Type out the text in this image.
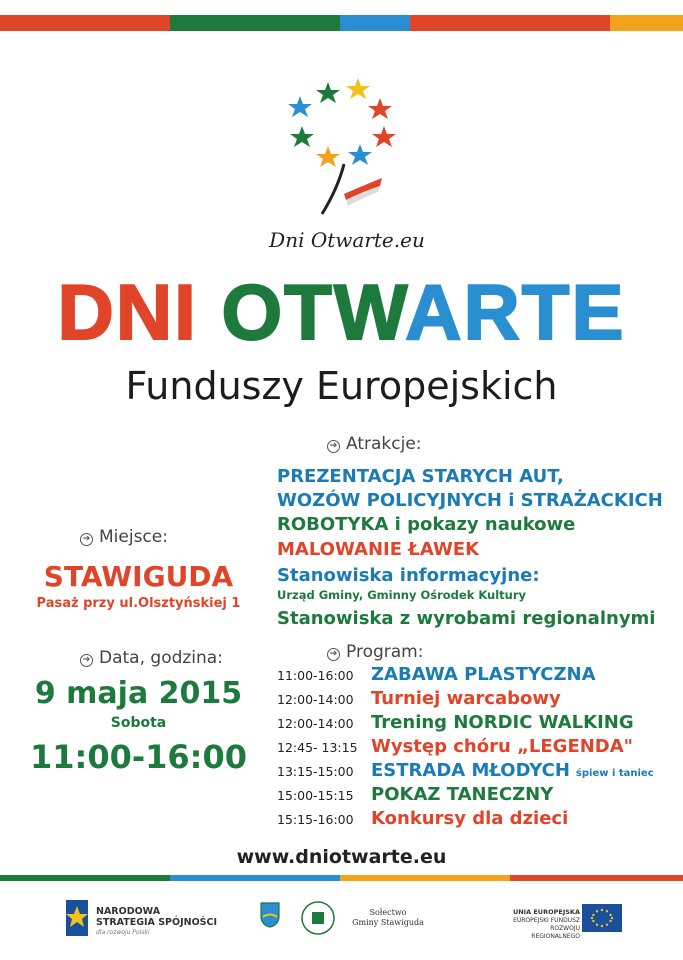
Dni Otwarte.eu
DNI OTWARTE
Funduszy Europejskich
➔ Atrakcje:
PREZENTACJA STARYCH AUT,
WOZÓW POLICYJNYCH i STRAŻACKICH
ROBOTYKA i pokazy naukowe
MALOWANIE ŁAWEK
Stanowiska informacyjne:
Urząd Gminy, Gminny Ośrodek Kultury
Stanowiska z wyrobami regionalnymi
➔ Miejsce:
STAWIGUDA
Pasaż przy ul.Olsztyńskiej 1
➔ Data, godzina:
9 maja 2015
Sobota
11:00-16:00
➔ Program:
11:00-16:00 ZABAWA PLASTYCZNA
12:00-14:00 Turniej warcabowy
12:00-14:00 Trening NORDIC WALKING
12:45- 13:15 Występ chóru „LEGENDA"
13:15-15:00 ESTRADA MŁODYCH śpiew i taniec
15:00-15:15 POKAZ TANECZNY
15:15-16:00 Konkursy dla dzieci
www.dniotwarte.eu
NARODOWA
STRATEGIA SPÓJNOŚCI
dla rozwoju Polski
Sołectwo
Gminy Stawiguda
UNIA EUROPEJSKA
EUROPEJSKI FUNDUSZ
ROZWOJU REGIONALNEGO
